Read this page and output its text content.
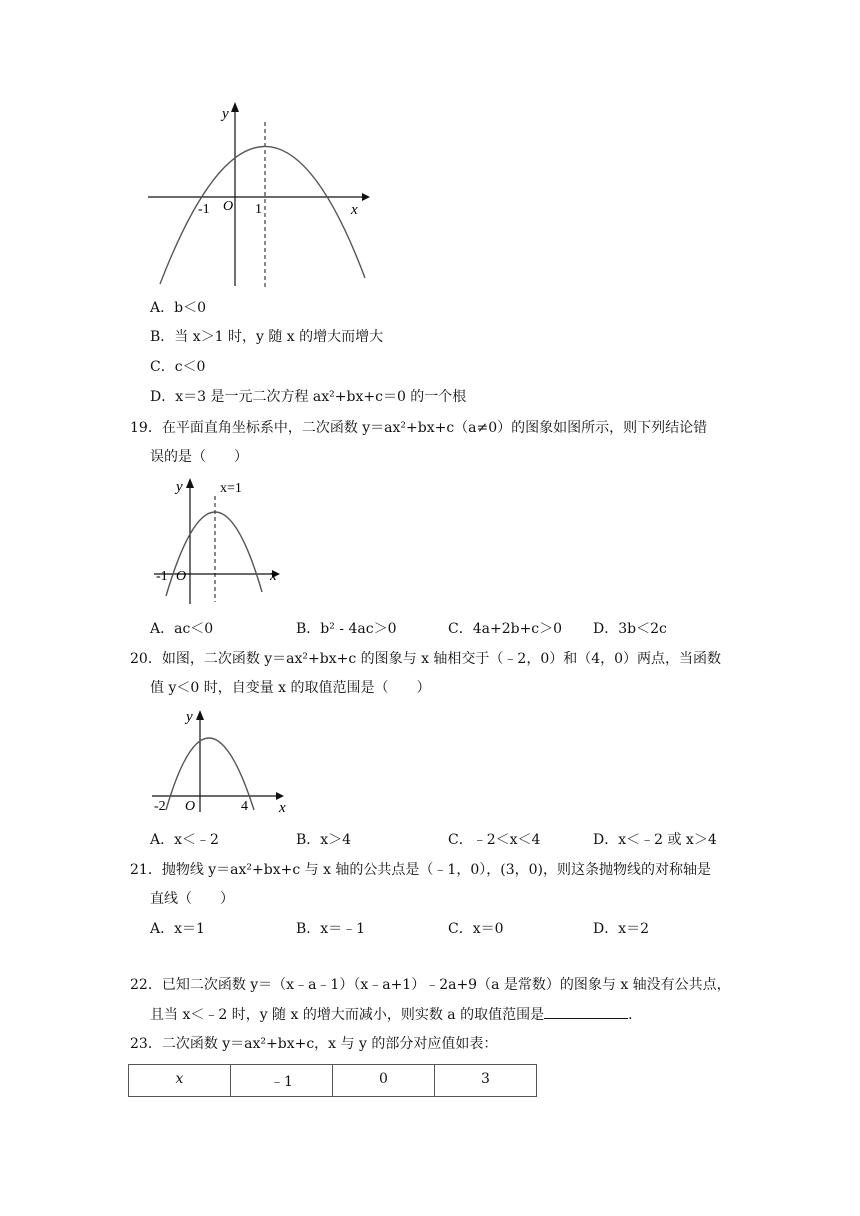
y
x
O
-1	1
A．b＜0
B．当 x＞1 时，y 随 x 的增大而增大
C．c＜0
D．x＝3 是一元二次方程 ax²+bx+c＝0 的一个根
19．在平面直角坐标系中，二次函数 y＝ax²+bx+c（a≠0）的图象如图所示，则下列结论错
误的是（　　）
y	x=1
x
-1 O
A．ac＜0	B．b² - 4ac＞0	C．4a+2b+c＞0 D．3b＜2c
20．如图，二次函数 y＝ax²+bx+c 的图象与 x 轴相交于（﹣2，0）和（4，0）两点，当函数
值 y＜0 时，自变量 x 的取值范围是（　　）
y
-2 O	4 x
A．x＜﹣2	B．x＞4	C．﹣2＜x＜4	D．x＜﹣2 或 x＞4
21．抛物线 y＝ax²+bx+c 与 x 轴的公共点是（﹣1，0），(3，0)，则这条抛物线的对称轴是
直线（　　）
A．x＝1	B．x＝﹣1	C．x＝0	D．x＝2
22．已知二次函数 y＝（x﹣a﹣1）（x﹣a+1）﹣2a+9（a 是常数）的图象与 x 轴没有公共点，
且当 x＜﹣2 时，y 随 x 的增大而减小，则实数 a 的取值范围是	．
23．二次函数 y＝ax²+bx+c，x 与 y 的部分对应值如表：
x	﹣1	0	3
